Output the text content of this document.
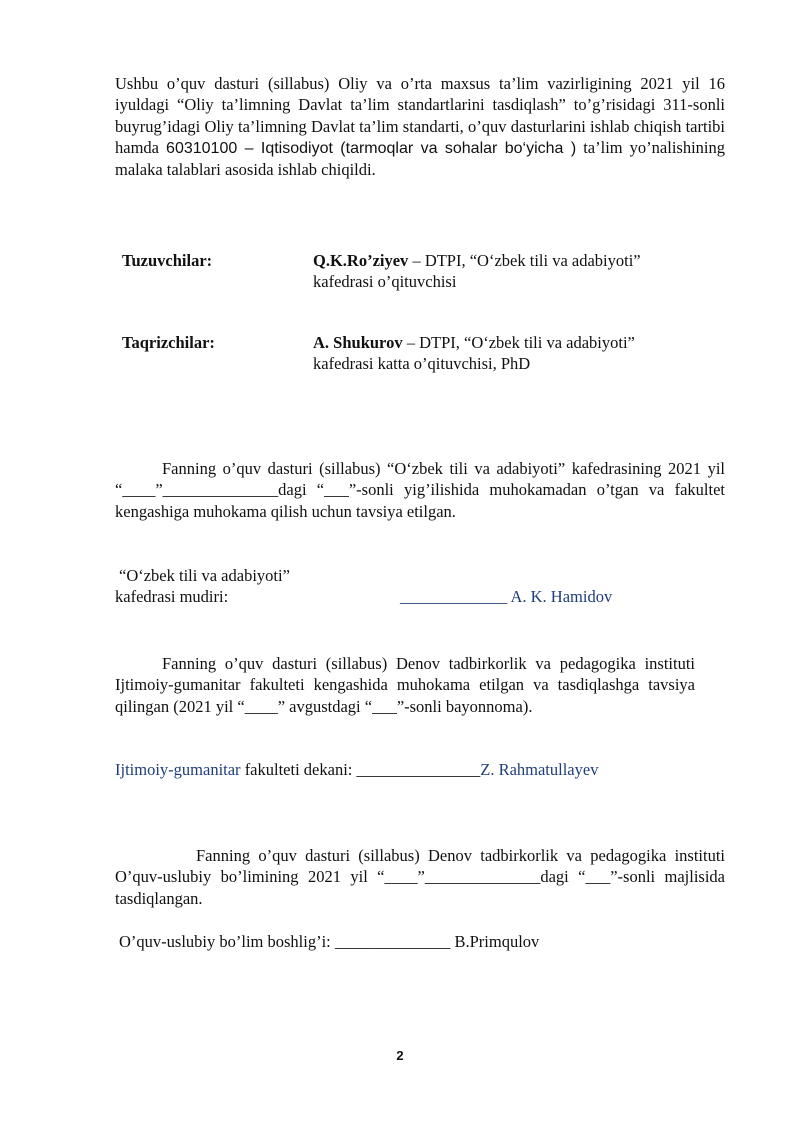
Ushbu o’quv dasturi (sillabus) Oliy va o’rta maxsus ta’lim vazirligining 2021 yil 16 iyuldagi “Oliy ta’limning Davlat ta’lim standartlarini tasdiqlash” to’g’risidagi 311-sonli buyrug’idagi Oliy ta’limning Davlat ta’lim standarti, o’quv dasturlarini ishlab chiqish tartibi hamda 60310100 – Iqtisodiyot (tarmoqlar va sohalar bo‘yicha ) ta’lim yo’nalishining malaka talablari asosida ishlab chiqildi.
Tuzuvchilar:	Q.K.Ro’ziyev – DTPI, “O‘zbek tili va adabiyoti”
kafedrasi o’qituvchisi
Taqrizchilar:	A. Shukurov – DTPI, “O‘zbek tili va adabiyoti”
kafedrasi katta o’qituvchisi, PhD
Fanning o’quv dasturi (sillabus) “O‘zbek tili va adabiyoti” kafedrasining 2021 yil “____”______________dagi “___”-sonli yig’ilishida muhokamadan o’tgan va fakultet kengashiga muhokama qilish uchun tavsiya etilgan.
“O‘zbek tili va adabiyoti”
kafedrasi mudiri:	_____________ A. K. Hamidov
Fanning o’quv dasturi (sillabus) Denov tadbirkorlik va pedagogika instituti Ijtimoiy-gumanitar fakulteti kengashida muhokama etilgan va tasdiqlashga tavsiya qilingan (2021 yil “____” avgustdagi “___”-sonli bayonnoma).
Ijtimoiy-gumanitar fakulteti dekani: _______________Z. Rahmatullayev
Fanning o’quv dasturi (sillabus) Denov tadbirkorlik va pedagogika instituti O’quv-uslubiy bo’limining 2021 yil “____”______________dagi “___”-sonli majlisida tasdiqlangan.
O’quv-uslubiy bo’lim boshlig’i: ______________ B.Primqulov
2
